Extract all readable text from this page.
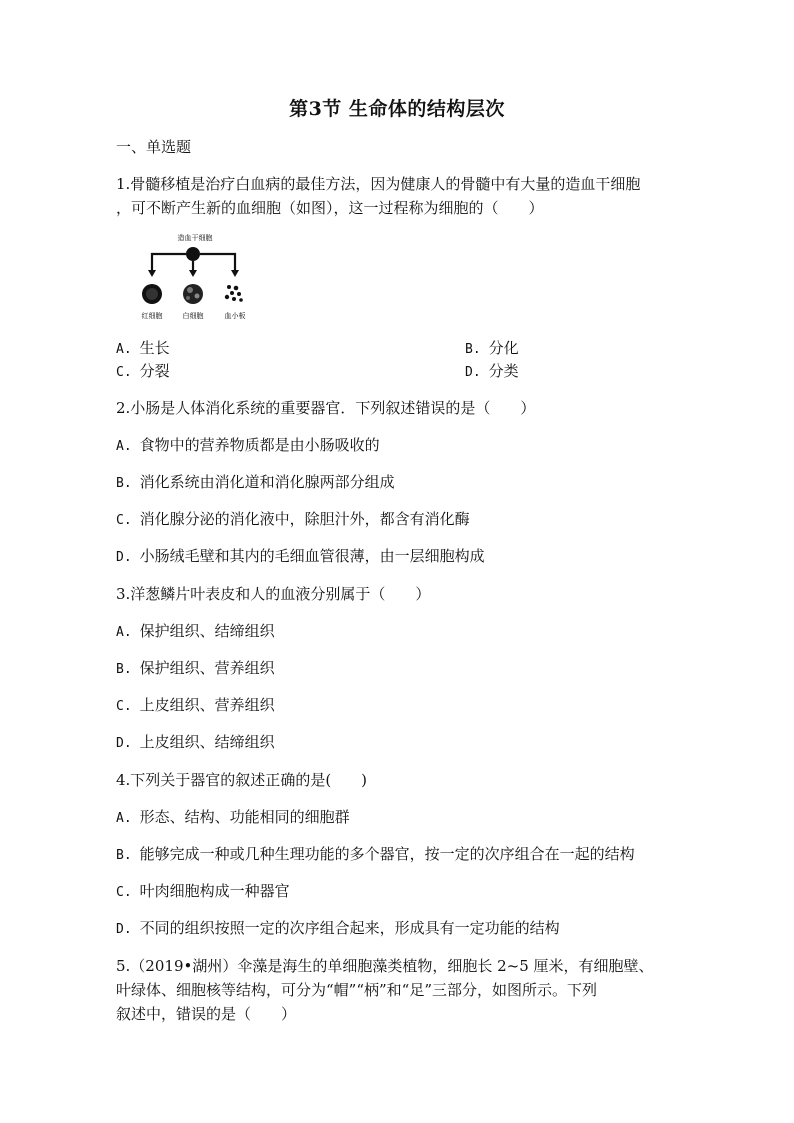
第3节 生命体的结构层次
一、单选题
1.骨髓移植是治疗白血病的最佳方法，因为健康人的骨髓中有大量的造血干细胞
，可不断产生新的血细胞（如图），这一过程称为细胞的（　　）
造血干细胞
红细胞	白细胞	血小板
A. 生长	B. 分化
C. 分裂	D. 分类
2.小肠是人体消化系统的重要器官．下列叙述错误的是（　　）
A. 食物中的营养物质都是由小肠吸收的
B. 消化系统由消化道和消化腺两部分组成
C. 消化腺分泌的消化液中，除胆汁外，都含有消化酶
D. 小肠绒毛壁和其内的毛细血管很薄，由一层细胞构成
3.洋葱鳞片叶表皮和人的血液分别属于（　　）
A. 保护组织、结缔组织
B. 保护组织、营养组织
C. 上皮组织、营养组织
D. 上皮组织、结缔组织
4.下列关于器官的叙述正确的是(　　)
A. 形态、结构、功能相同的细胞群
B. 能够完成一种或几种生理功能的多个器官，按一定的次序组合在一起的结构
C. 叶肉细胞构成一种器官
D. 不同的组织按照一定的次序组合起来，形成具有一定功能的结构
5.（2019•湖州）伞藻是海生的单细胞藻类植物，细胞长 2~5 厘米，有细胞壁、
叶绿体、细胞核等结构，可分为“帽”“柄”和“足”三部分，如图所示。下列
叙述中，错误的是（　　）
